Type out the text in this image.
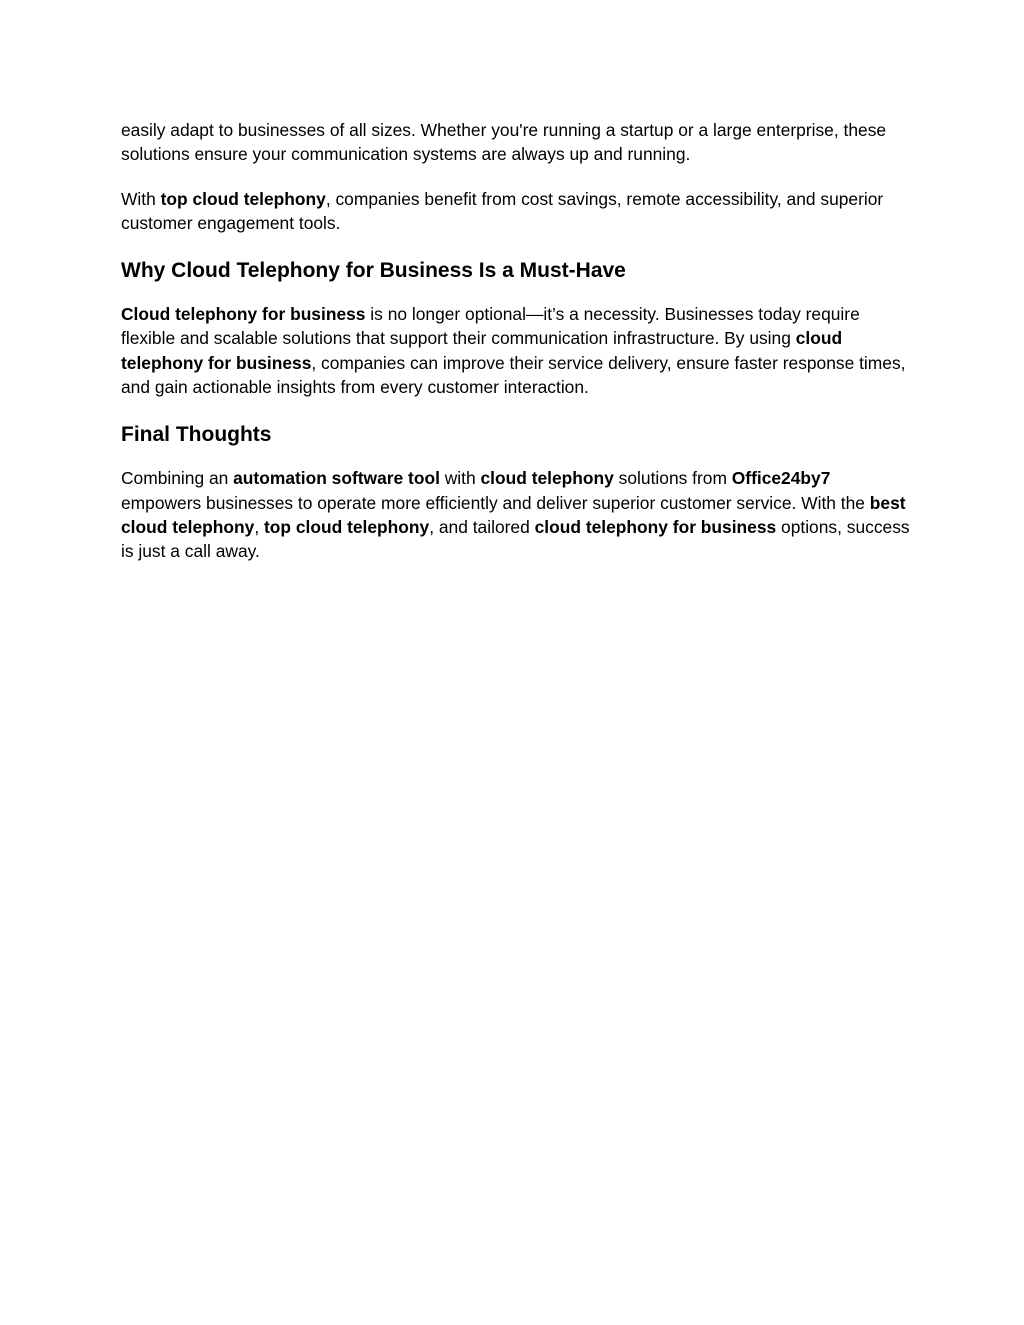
easily adapt to businesses of all sizes. Whether you're running a startup or a large enterprise, these solutions ensure your communication systems are always up and running.

With top cloud telephony, companies benefit from cost savings, remote accessibility, and superior customer engagement tools.

Why Cloud Telephony for Business Is a Must-Have

Cloud telephony for business is no longer optional—it’s a necessity. Businesses today require flexible and scalable solutions that support their communication infrastructure. By using cloud telephony for business, companies can improve their service delivery, ensure faster response times, and gain actionable insights from every customer interaction.

Final Thoughts

Combining an automation software tool with cloud telephony solutions from Office24by7 empowers businesses to operate more efficiently and deliver superior customer service. With the best cloud telephony, top cloud telephony, and tailored cloud telephony for business options, success is just a call away.
